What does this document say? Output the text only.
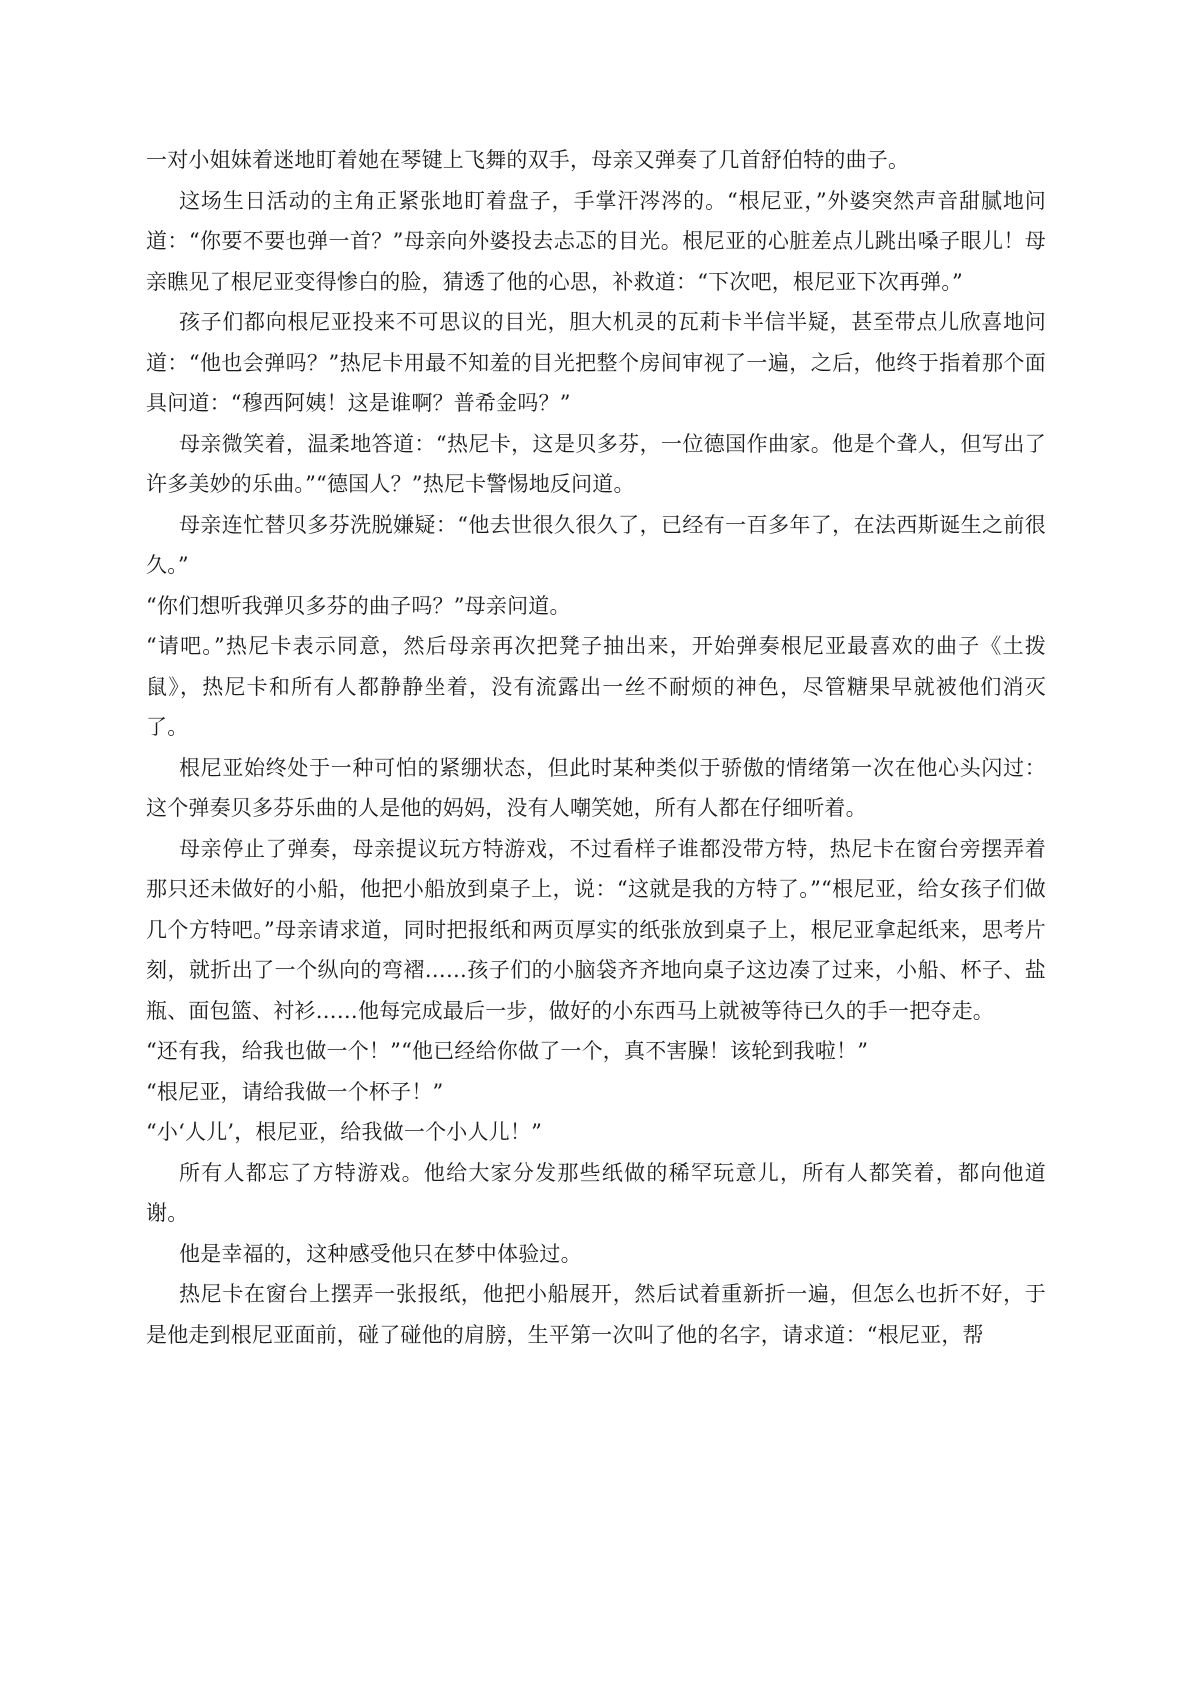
一对小姐妹着迷地盯着她在琴键上飞舞的双手，母亲又弹奏了几首舒伯特的曲子。

这场生日活动的主角正紧张地盯着盘子，手掌汗涔涔的。“根尼亚，”外婆突然声音甜腻地问道：“你要不要也弹一首？”母亲向外婆投去忐忑的目光。根尼亚的心脏差点儿跳出嗓子眼儿！母亲瞧见了根尼亚变得惨白的脸，猜透了他的心思，补救道：“下次吧，根尼亚下次再弹。”

孩子们都向根尼亚投来不可思议的目光，胆大机灵的瓦莉卡半信半疑，甚至带点儿欣喜地问道：“他也会弹吗？”热尼卡用最不知羞的目光把整个房间审视了一遍，之后，他终于指着那个面具问道：“穆西阿姨！这是谁啊？普希金吗？”

母亲微笑着，温柔地答道：“热尼卡，这是贝多芬，一位德国作曲家。他是个聋人，但写出了许多美妙的乐曲。”“德国人？”热尼卡警惕地反问道。

母亲连忙替贝多芬洗脱嫌疑：“他去世很久很久了，已经有一百多年了，在法西斯诞生之前很久。”

“你们想听我弹贝多芬的曲子吗？”母亲问道。

“请吧。”热尼卡表示同意，然后母亲再次把凳子抽出来，开始弹奏根尼亚最喜欢的曲子《土拨鼠》，热尼卡和所有人都静静坐着，没有流露出一丝不耐烦的神色，尽管糖果早就被他们消灭了。

根尼亚始终处于一种可怕的紧绷状态，但此时某种类似于骄傲的情绪第一次在他心头闪过：这个弹奏贝多芬乐曲的人是他的妈妈，没有人嘲笑她，所有人都在仔细听着。

母亲停止了弹奏，母亲提议玩方特游戏，不过看样子谁都没带方特，热尼卡在窗台旁摆弄着那只还未做好的小船，他把小船放到桌子上，说：“这就是我的方特了。”“根尼亚，给女孩子们做几个方特吧。”母亲请求道，同时把报纸和两页厚实的纸张放到桌子上，根尼亚拿起纸来，思考片刻，就折出了一个纵向的弯褶……孩子们的小脑袋齐齐地向桌子这边凑了过来，小船、杯子、盐瓶、面包篮、衬衫……他每完成最后一步，做好的小东西马上就被等待已久的手一把夺走。

“还有我，给我也做一个！”“他已经给你做了一个，真不害臊！该轮到我啦！”

“根尼亚，请给我做一个杯子！”

“小‘人儿’，根尼亚，给我做一个小人儿！”

所有人都忘了方特游戏。他给大家分发那些纸做的稀罕玩意儿，所有人都笑着，都向他道谢。

他是幸福的，这种感受他只在梦中体验过。

热尼卡在窗台上摆弄一张报纸，他把小船展开，然后试着重新折一遍，但怎么也折不好，于是他走到根尼亚面前，碰了碰他的肩膀，生平第一次叫了他的名字，请求道：“根尼亚，帮
